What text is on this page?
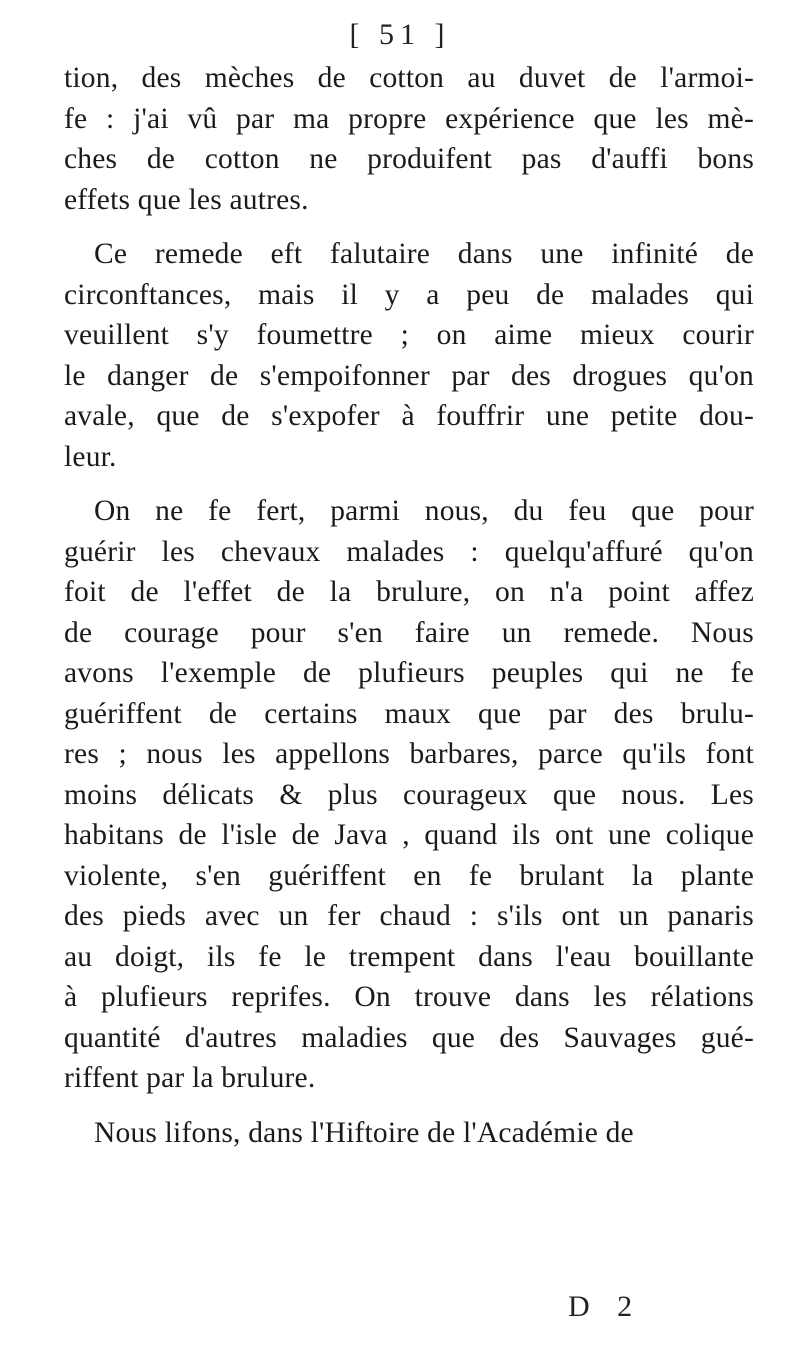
[ 51 ]

tion, des mèches de cotton au duvet de l'armoi-
fe : j'ai vû par ma propre expérience que les mè-
ches de cotton ne produifent pas d'auffi bons
effets que les autres.

Ce remede eft falutaire dans une infinité de
circonftances, mais il y a peu de malades qui
veuillent s'y foumettre ; on aime mieux courir
le danger de s'empoifonner par des drogues qu'on
avale, que de s'expofer à fouffrir une petite dou-
leur.

On ne fe fert, parmi nous, du feu que pour
guérir les chevaux malades : quelqu'affuré qu'on
foit de l'effet de la brulure, on n'a point affez
de courage pour s'en faire un remede. Nous
avons l'exemple de plufieurs peuples qui ne fe
guériffent de certains maux que par des brulu-
res ; nous les appellons barbares, parce qu'ils font
moins délicats & plus courageux que nous. Les
habitans de l'isle de Java , quand ils ont une colique
violente, s'en guériffent en fe brulant la plante
des pieds avec un fer chaud : s'ils ont un panaris
au doigt, ils fe le trempent dans l'eau bouillante
à plufieurs reprifes. On trouve dans les rélations
quantité d'autres maladies que des Sauvages gué-
riffent par la brulure.

Nous lifons, dans l'Hiftoire de l'Académie de

D 2
